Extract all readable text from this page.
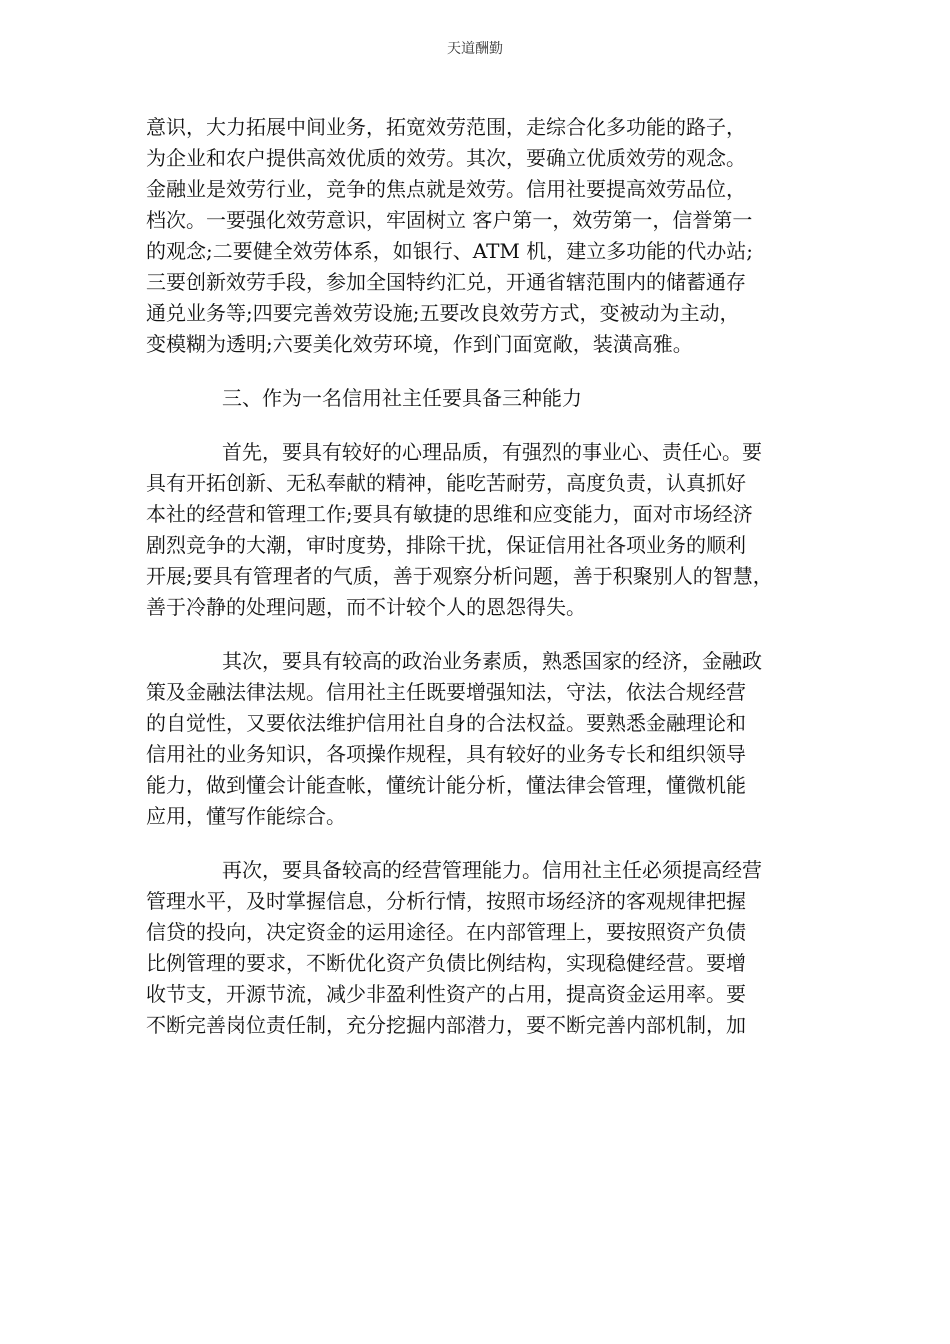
天道酬勤
意识，大力拓展中间业务，拓宽效劳范围，走综合化多功能的路子，
为企业和农户提供高效优质的效劳。其次，要确立优质效劳的观念。
金融业是效劳行业，竞争的焦点就是效劳。信用社要提高效劳品位，
档次。一要强化效劳意识，牢固树立 客户第一，效劳第一，信誉第一
的观念;二要健全效劳体系，如银行、ATM 机，建立多功能的代办站;
三要创新效劳手段，参加全国特约汇兑，开通省辖范围内的储蓄通存
通兑业务等;四要完善效劳设施;五要改良效劳方式，变被动为主动，
变模糊为透明;六要美化效劳环境，作到门面宽敞，装潢高雅。
三、作为一名信用社主任要具备三种能力
首先，要具有较好的心理品质，有强烈的事业心、责任心。要
具有开拓创新、无私奉献的精神，能吃苦耐劳，高度负责，认真抓好
本社的经营和管理工作;要具有敏捷的思维和应变能力，面对市场经济
剧烈竞争的大潮，审时度势，排除干扰，保证信用社各项业务的顺利
开展;要具有管理者的气质，善于观察分析问题，善于积聚别人的智慧，
善于冷静的处理问题，而不计较个人的恩怨得失。
其次，要具有较高的政治业务素质，熟悉国家的经济，金融政
策及金融法律法规。信用社主任既要增强知法，守法，依法合规经营
的自觉性，又要依法维护信用社自身的合法权益。要熟悉金融理论和
信用社的业务知识，各项操作规程，具有较好的业务专长和组织领导
能力，做到懂会计能查帐，懂统计能分析，懂法律会管理，懂微机能
应用，懂写作能综合。
再次，要具备较高的经营管理能力。信用社主任必须提高经营
管理水平，及时掌握信息，分析行情，按照市场经济的客观规律把握
信贷的投向，决定资金的运用途径。在内部管理上，要按照资产负债
比例管理的要求，不断优化资产负债比例结构，实现稳健经营。要增
收节支，开源节流，减少非盈利性资产的占用，提高资金运用率。要
不断完善岗位责任制，充分挖掘内部潜力，要不断完善内部机制，加
